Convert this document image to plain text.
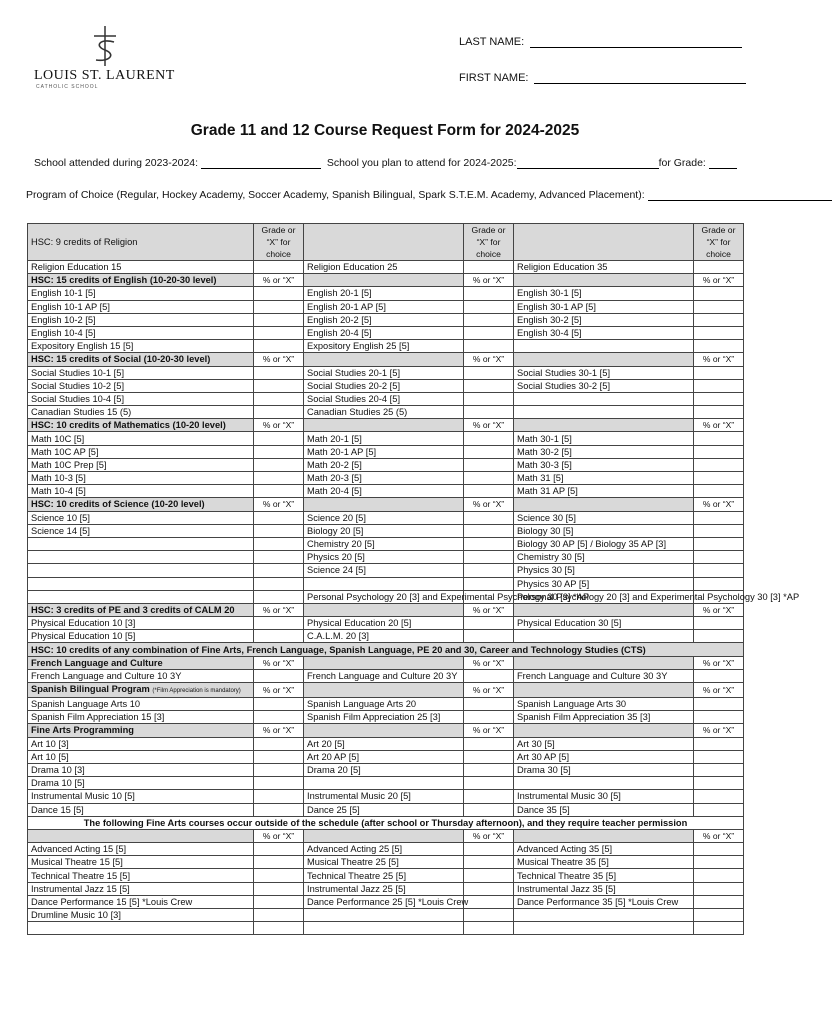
LOUIS ST. LAURENT
CATHOLIC SCHOOL
LAST NAME:
FIRST NAME:
Grade 11 and 12 Course Request Form for 2024-2025
School attended during 2023-2024:	School you plan to attend for 2024-2025:	for Grade:
Program of Choice (Regular, Hockey Academy, Soccer Academy, Spanish Bilingual, Spark S.T.E.M. Academy, Advanced Placement):
HSC: 9 credits of Religion	Grade or “X” for choice		Grade or “X” for choice		Grade or “X” for choice
Religion Education 15		Religion Education 25		Religion Education 35	
HSC: 15 credits of English (10-20-30 level)	% or “X”		% or “X”		% or “X”
English 10-1 [5]		English 20-1 [5]		English 30-1 [5]	
English 10-1 AP [5]		English 20-1 AP [5]		English 30-1 AP [5]	
English 10-2 [5]		English 20-2 [5]		English 30-2 [5]	
English 10-4 [5]		English 20-4 [5]		English 30-4 [5]	
Expository English 15 [5]		Expository English 25 [5]			
HSC: 15 credits of Social (10-20-30 level)	% or “X”		% or “X”		% or “X”
Social Studies 10-1 [5]		Social Studies 20-1 [5]		Social Studies 30-1 [5]	
Social Studies 10-2 [5]		Social Studies 20-2 [5]		Social Studies 30-2 [5]	
Social Studies 10-4 [5]		Social Studies 20-4 [5]			
Canadian Studies 15 (5)		Canadian Studies 25 (5)			
HSC: 10 credits of Mathematics (10-20 level)	% or “X”		% or “X”		% or “X”
Math 10C [5]		Math 20-1 [5]		Math 30-1 [5]	
Math 10C AP [5]		Math 20-1 AP [5]		Math 30-2 [5]	
Math 10C Prep [5]		Math 20-2 [5]		Math 30-3 [5]	
Math 10-3 [5]		Math 20-3 [5]		Math 31 [5]	
Math 10-4 [5]		Math 20-4 [5]		Math 31 AP [5]	
HSC: 10 credits of Science (10-20 level)	% or “X”		% or “X”		% or “X”
Science 10 [5]		Science 20 [5]		Science 30 [5]	
Science 14 [5]		Biology 20 [5]		Biology 30 [5]	
		Chemistry 20 [5]		Biology 30 AP [5] / Biology 35 AP [3]	
		Physics 20 [5]		Chemistry 30 [5]	
		Science 24 [5]		Physics 30 [5]	
				Physics 30 AP [5]	
		Personal Psychology 20 [3] and Experimental Psychology 30 [3] *AP		Personal Psychology 20 [3] and Experimental Psychology 30 [3] *AP	
HSC: 3 credits of PE and 3 credits of CALM 20	% or “X”		% or “X”		% or “X”
Physical Education 10 [3]		Physical Education 20 [5]		Physical Education 30 [5]	
Physical Education 10 [5]		C.A.L.M. 20 [3]			
HSC: 10 credits of any combination of Fine Arts, French Language, Spanish Language, PE 20 and 30, Career and Technology Studies (CTS)					
French Language and Culture	% or “X”		% or “X”		% or “X”
French Language and Culture 10 3Y		French Language and Culture 20 3Y		French Language and Culture 30 3Y	
Spanish Bilingual Program (*Film Appreciation is mandatory)	% or “X”		% or “X”		% or “X”
Spanish Language Arts 10		Spanish Language Arts 20		Spanish Language Arts 30	
Spanish Film Appreciation 15 [3]		Spanish Film Appreciation 25 [3]		Spanish Film Appreciation 35 [3]	
Fine Arts Programming	% or “X”		% or “X”		% or “X”
Art 10 [3]		Art 20 [5]		Art 30 [5]	
Art 10 [5]		Art 20 AP [5]		Art 30 AP [5]	
Drama 10 [3]		Drama 20 [5]		Drama 30 [5]	
Drama 10 [5]					
Instrumental Music 10 [5]		Instrumental Music 20 [5]		Instrumental Music 30 [5]	
Dance 15 [5]		Dance 25 [5]		Dance 35 [5]	
The following Fine Arts courses occur outside of the schedule (after school or Thursday afternoon), and they require teacher permission					
	% or “X”		% or “X”		% or “X”
Advanced Acting 15 [5]		Advanced Acting 25 [5]		Advanced Acting 35 [5]	
Musical Theatre 15 [5]		Musical Theatre 25 [5]		Musical Theatre 35 [5]	
Technical Theatre 15 [5]		Technical Theatre 25 [5]		Technical Theatre 35 [5]	
Instrumental Jazz 15 [5]		Instrumental Jazz 25 [5]		Instrumental Jazz 35 [5]	
Dance Performance 15 [5] *Louis Crew		Dance Performance 25 [5] *Louis Crew		Dance Performance 35 [5] *Louis Crew	
Drumline Music 10 [3]					
